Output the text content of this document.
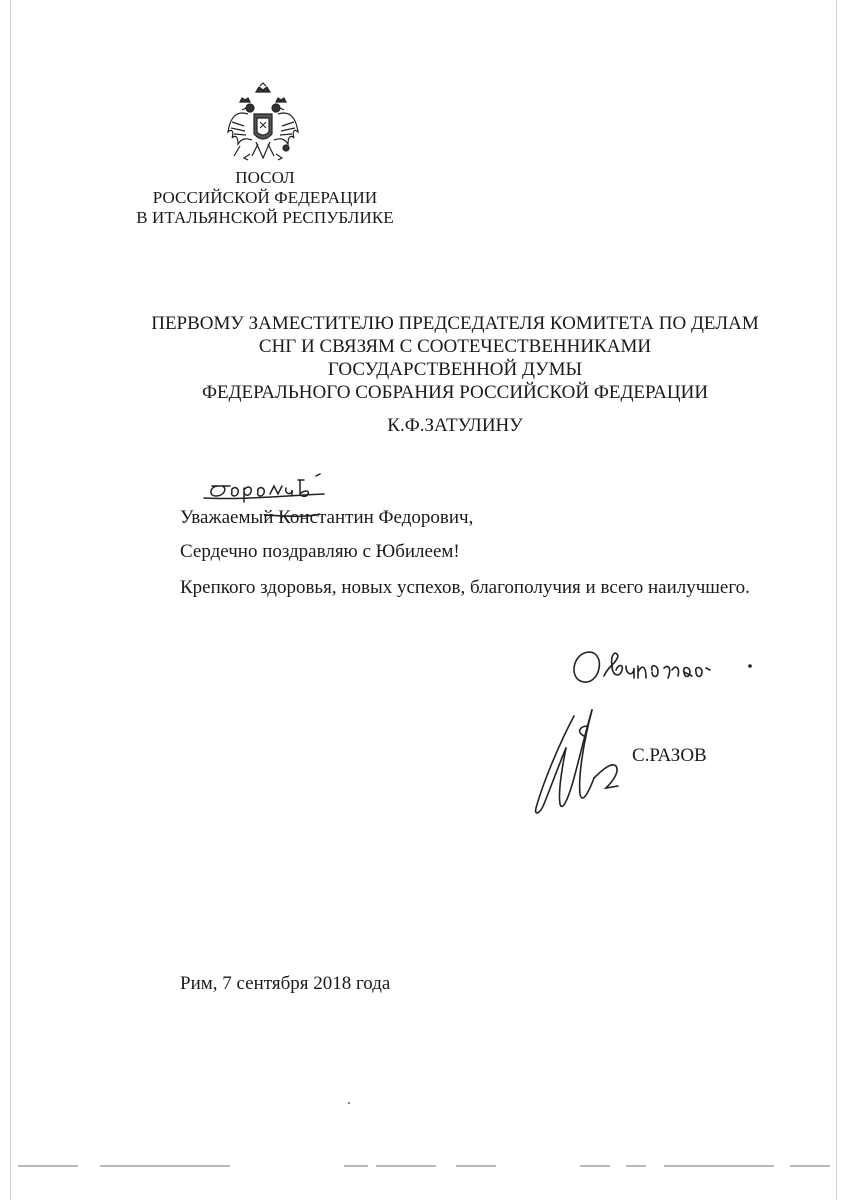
ПОСОЛ
РОССИЙСКОЙ ФЕДЕРАЦИИ
В ИТАЛЬЯНСКОЙ РЕСПУБЛИКЕ
ПЕРВОМУ ЗАМЕСТИТЕЛЮ ПРЕДСЕДАТЕЛЯ КОМИТЕТА ПО ДЕЛАМ
СНГ И СВЯЗЯМ С СООТЕЧЕСТВЕННИКАМИ
ГОСУДАРСТВЕННОЙ ДУМЫ
ФЕДЕРАЛЬНОГО СОБРАНИЯ РОССИЙСКОЙ ФЕДЕРАЦИИ
К.Ф.ЗАТУЛИНУ
Уважаемый Константин Федорович,
Сердечно поздравляю с Юбилеем!
Крепкого здоровья, новых успехов, благополучия и всего наилучшего.
С.РАЗОВ
Рим, 7 сентября 2018 года
